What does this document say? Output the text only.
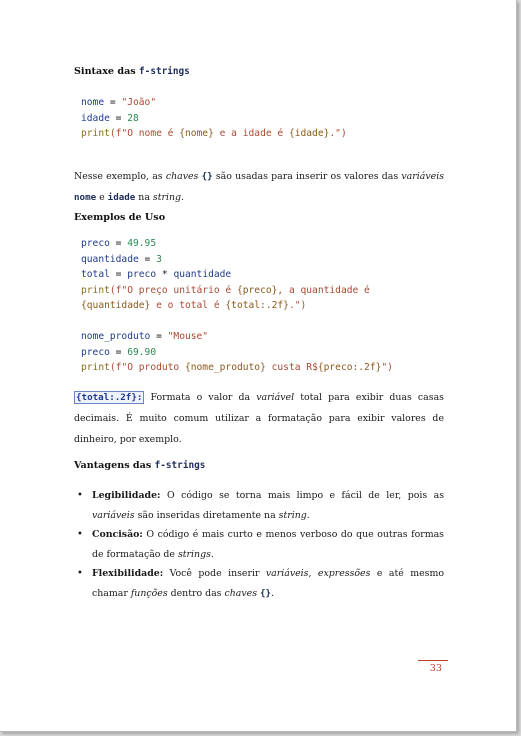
Sintaxe das f-strings
nome = "João"
idade = 28
print(f"O nome é {nome} e a idade é {idade}.")
Nesse exemplo, as chaves {} são usadas para inserir os valores das variáveis nome e idade na string.
Exemplos de Uso
preco = 49.95
quantidade = 3
total = preco * quantidade
print(f"O preço unitário é {preco}, a quantidade é
{quantidade} e o total é {total:.2f}.")
nome_produto = "Mouse"
preco = 69.90
print(f"O produto {nome_produto} custa R${preco:.2f}")
{total:.2f}: Formata o valor da variável total para exibir duas casas decimais. É muito comum utilizar a formatação para exibir valores de dinheiro, por exemplo.
Vantagens das f-strings
• Legibilidade: O código se torna mais limpo e fácil de ler, pois as variáveis são inseridas diretamente na string.
• Concisão: O código é mais curto e menos verboso do que outras formas de formatação de strings.
• Flexibilidade: Você pode inserir variáveis, expressões e até mesmo chamar funções dentro das chaves {}.
33
